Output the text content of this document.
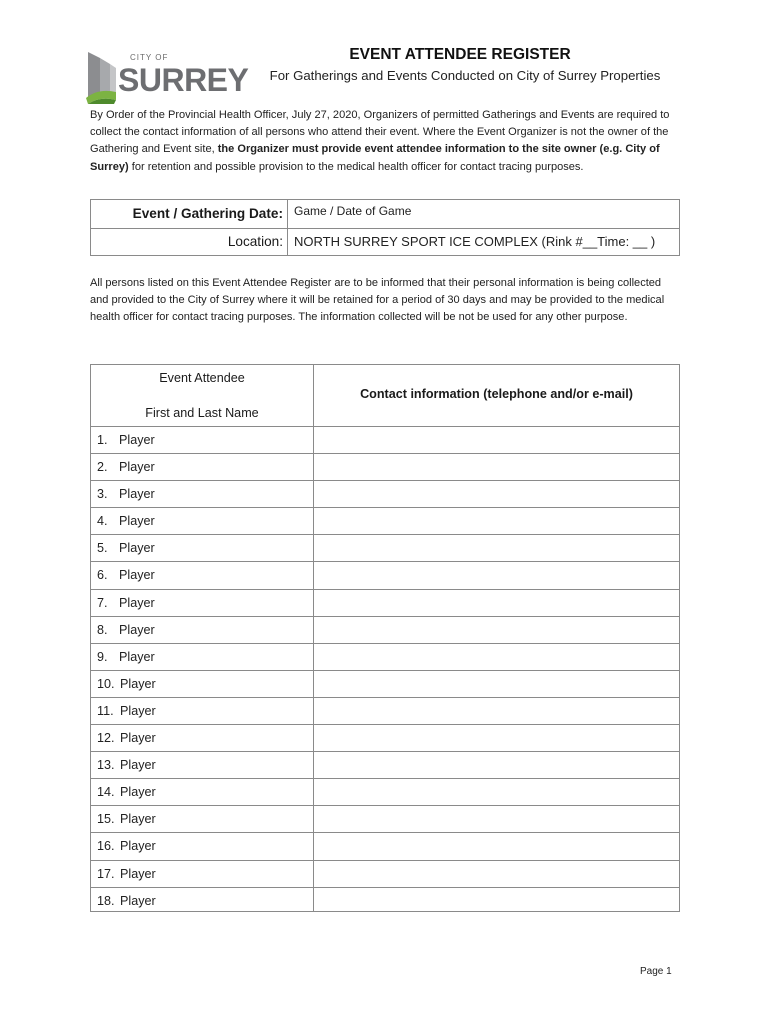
CITY OF
SURREY
EVENT ATTENDEE REGISTER
For Gatherings and Events Conducted on City of Surrey Properties
By Order of the Provincial Health Officer, July 27, 2020, Organizers of permitted Gatherings and Events are required to collect the contact information of all persons who attend their event. Where the Event Organizer is not the owner of the Gathering and Event site, the Organizer must provide event attendee information to the site owner (e.g. City of Surrey) for retention and possible provision to the medical health officer for contact tracing purposes.
Event / Gathering Date: Game / Date of Game
Location: NORTH SURREY SPORT ICE COMPLEX (Rink #__Time: __ )
All persons listed on this Event Attendee Register are to be informed that their personal information is being collected and provided to the City of Surrey where it will be retained for a period of 30 days and may be provided to the medical health officer for contact tracing purposes. The information collected will be not be used for any other purpose.
Event Attendee
First and Last Name
Contact information (telephone and/or e-mail)
1. Player
2. Player
3. Player
4. Player
5. Player
6. Player
7. Player
8. Player
9. Player
10. Player
11. Player
12. Player
13. Player
14. Player
15. Player
16. Player
17. Player
18. Player
Page 1
